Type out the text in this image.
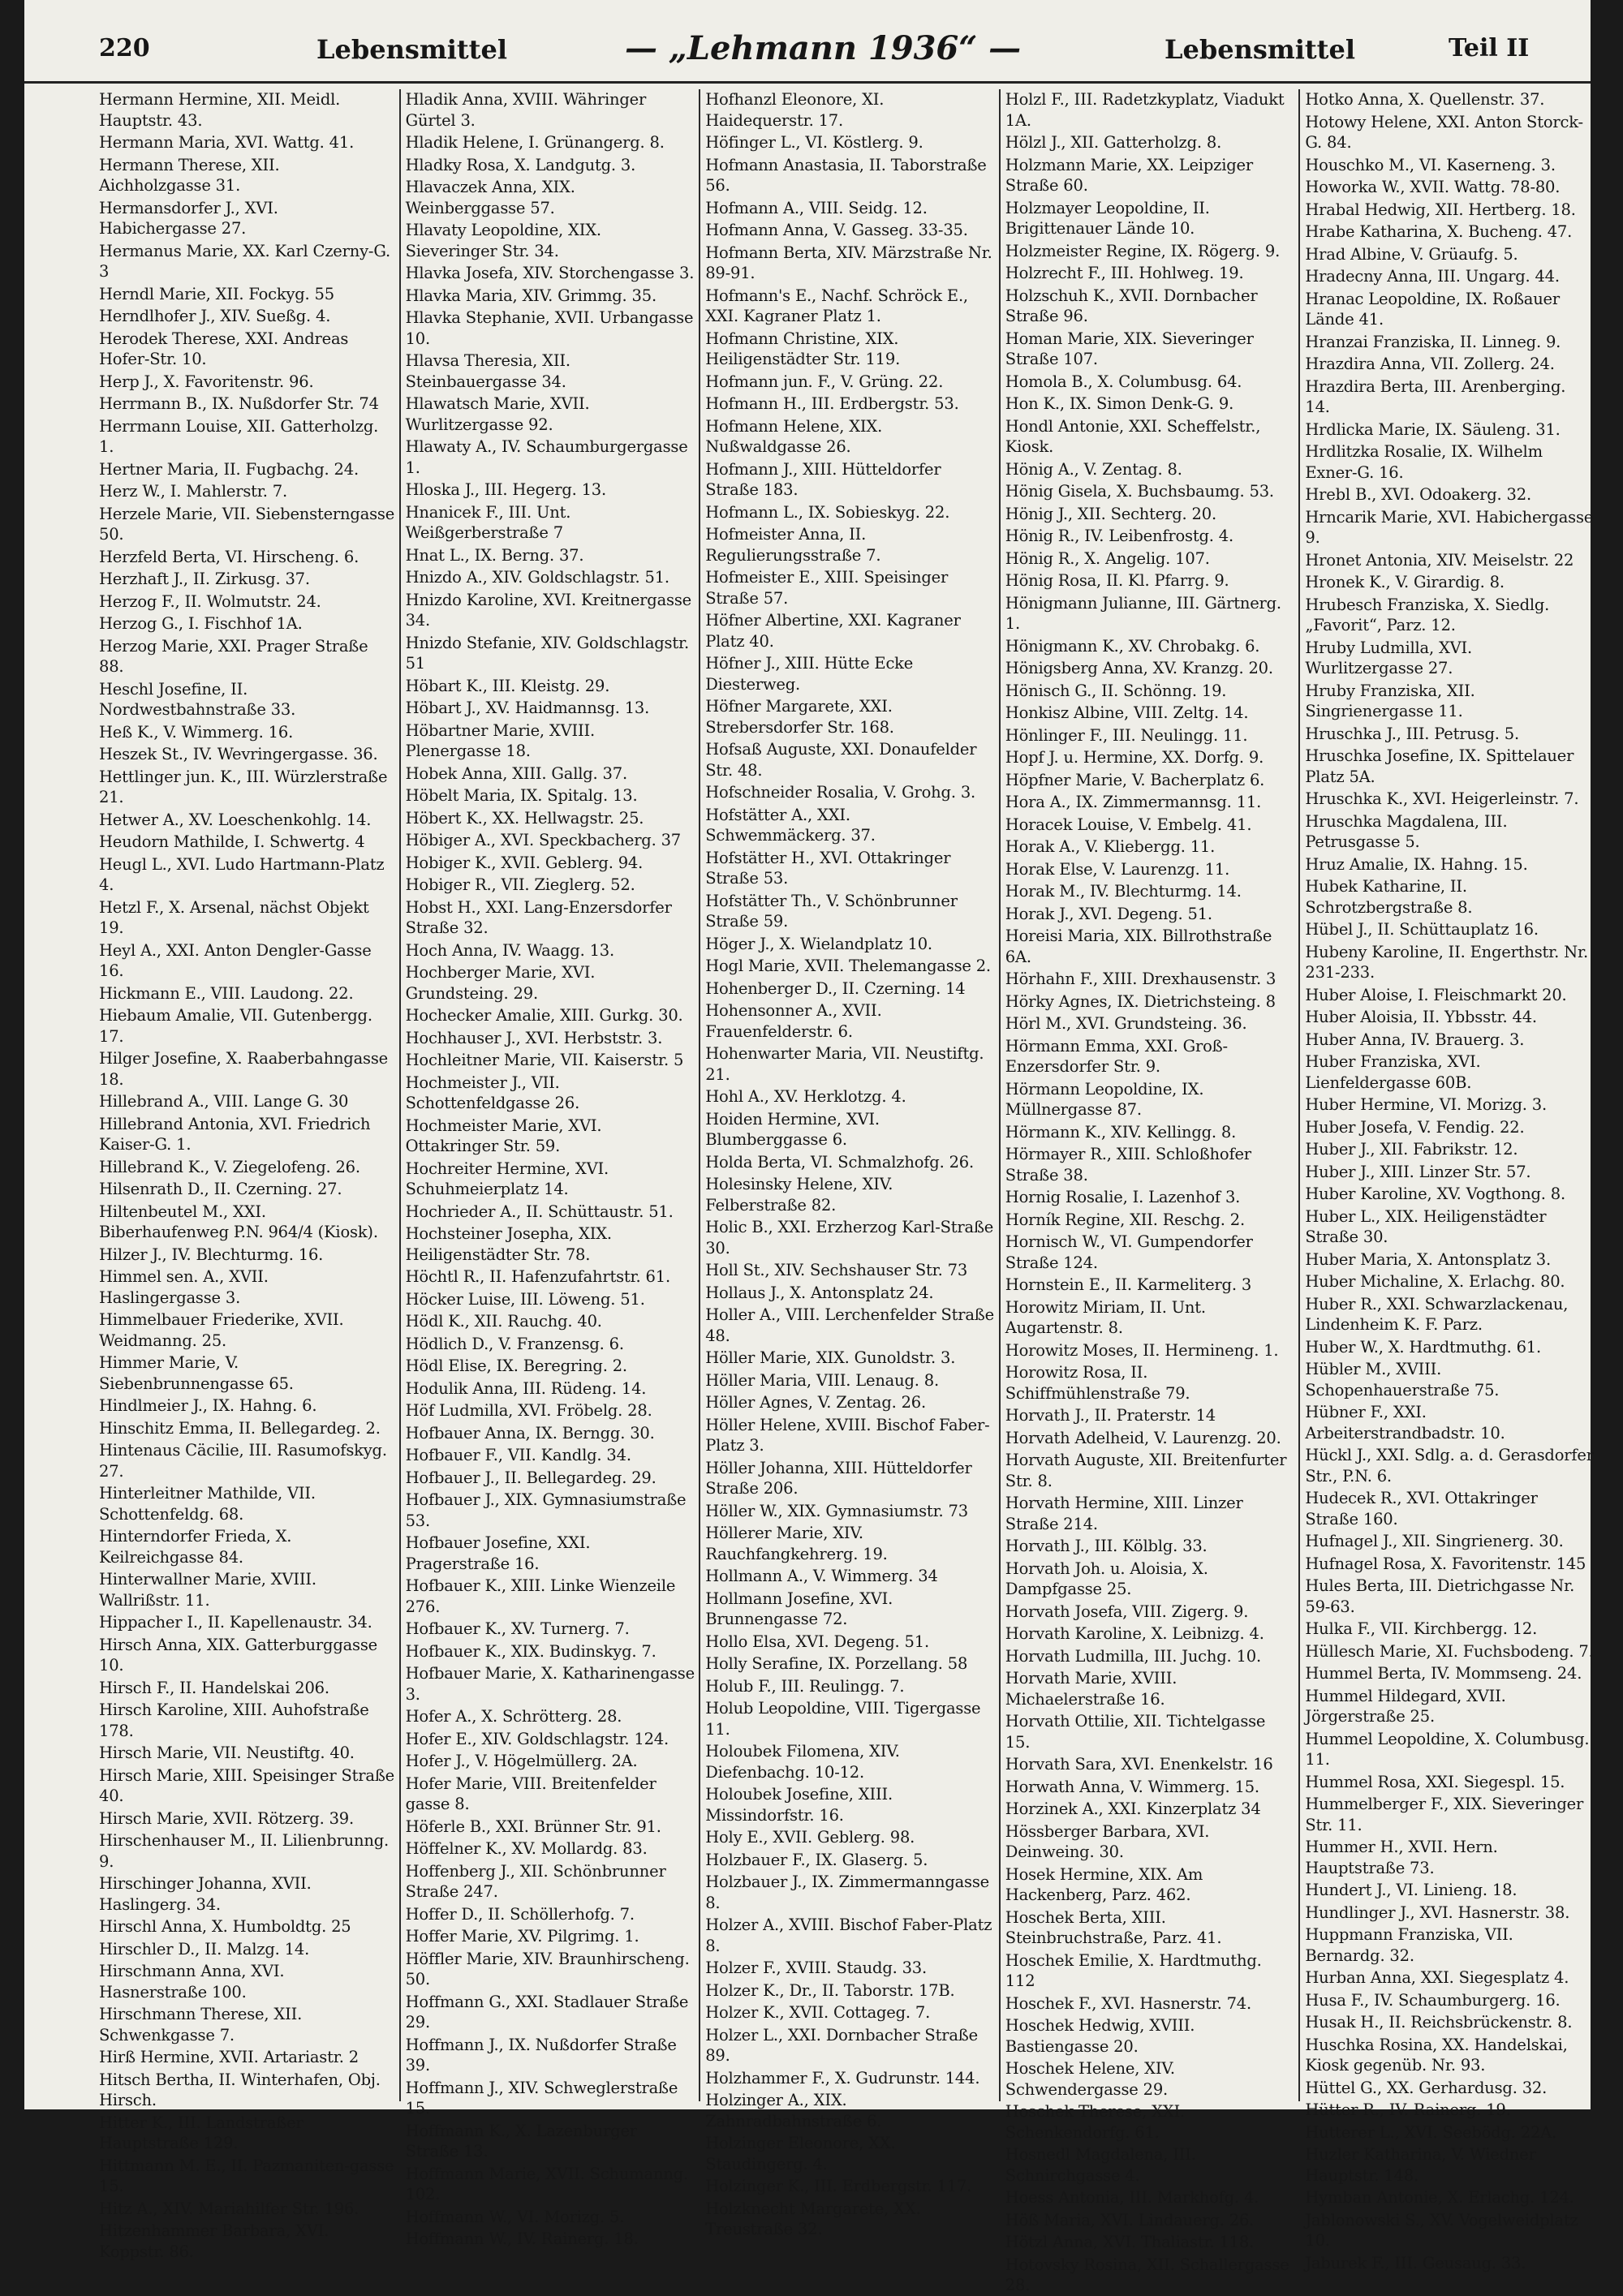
220	Lebensmittel	— „Lehmann 1936“ —	Lebensmittel	Teil II
Hermann Hermine, XII. Meidl. Hauptstr. 43.
Hermann Maria, XVI. Wattg. 41.
Hermann Therese, XII. Aichholzgasse 31.
Hermansdorfer J., XVI. Habichergasse 27.
Hermanus Marie, XX. Karl Czerny-G. 3
Herndl Marie, XII. Fockyg. 55
Herndlhofer J., XIV. Sueßg. 4.
Herodek Therese, XXI. Andreas Hofer-Str. 10.
Herp J., X. Favoritenstr. 96.
Herrmann B., IX. Nußdorfer Str. 74
Herrmann Louise, XII. Gatterholzg. 1.
Hertner Maria, II. Fugbachg. 24.
Herz W., I. Mahlerstr. 7.
Herzele Marie, VII. Siebensterngasse 50.
Herzfeld Berta, VI. Hirscheng. 6.
Herzhaft J., II. Zirkusg. 37.
Herzog F., II. Wolmutstr. 24.
Herzog G., I. Fischhof 1A.
Herzog Marie, XXI. Prager Straße 88.
Heschl Josefine, II. Nordwestbahnstraße 33.
Heß K., V. Wimmerg. 16.
Heszek St., IV. Wevringergasse. 36.
Hettlinger jun. K., III. Würzlerstraße 21.
Hetwer A., XV. Loeschenkohlg. 14.
Heudorn Mathilde, I. Schwertg. 4
Heugl L., XVI. Ludo Hartmann-Platz 4.
Hetzl F., X. Arsenal, nächst Objekt 19.
Heyl A., XXI. Anton Dengler-Gasse 16.
Hickmann E., VIII. Laudong. 22.
Hiebaum Amalie, VII. Gutenbergg. 17.
Hilger Josefine, X. Raaberbahngasse 18.
Hillebrand A., VIII. Lange G. 30
Hillebrand Antonia, XVI. Friedrich Kaiser-G. 1.
Hillebrand K., V. Ziegelofeng. 26.
Hilsenrath D., II. Czerning. 27.
Hiltenbeutel M., XXI. Biberhaufenweg P.N. 964/4 (Kiosk).
Hilzer J., IV. Blechturmg. 16.
Himmel sen. A., XVII. Haslingergasse 3.
Himmelbauer Friederike, XVII. Weidmanng. 25.
Himmer Marie, V. Siebenbrunnengasse 65.
Hindlmeier J., IX. Hahng. 6.
Hinschitz Emma, II. Bellegardeg. 2.
Hintenaus Cäcilie, III. Rasumofskyg. 27.
Hinterleitner Mathilde, VII. Schottenfeldg. 68.
Hinterndorfer Frieda, X. Keilreichgasse 84.
Hinterwallner Marie, XVIII. Wallrißstr. 11.
Hippacher I., II. Kapellenaustr. 34.
Hirsch Anna, XIX. Gatterburggasse 10.
Hirsch F., II. Handelskai 206.
Hirsch Karoline, XIII. Auhofstraße 178.
Hirsch Marie, VII. Neustiftg. 40.
Hirsch Marie, XIII. Speisinger Straße 40.
Hirsch Marie, XVII. Rötzerg. 39.
Hirschenhauser M., II. Lilienbrunng. 9.
Hirschinger Johanna, XVII. Haslingerg. 34.
Hirschl Anna, X. Humboldtg. 25
Hirschler D., II. Malzg. 14.
Hirschmann Anna, XVI. Hasnerstraße 100.
Hirschmann Therese, XII. Schwenkgasse 7.
Hirß Hermine, XVII. Artariastr. 2
Hitsch Bertha, II. Winterhafen, Obj. Hirsch.
Hitter K., III. Landstraßer Hauptstraße 129.
Hittmann M. E., II. Pazmaniten-gasse 15.
Hitz A., XIV. Mariahilfer Str. 196.
Hitzenhammer Barbara, XVI. Koppstr. 86.
Hladik Anna, XVIII. Währinger Gürtel 3.
Hladik Helene, I. Grünangerg. 8.
Hladky Rosa, X. Landgutg. 3.
Hlavaczek Anna, XIX. Weinberggasse 57.
Hlavaty Leopoldine, XIX. Sieveringer Str. 34.
Hlavka Josefa, XIV. Storchengasse 3.
Hlavka Maria, XIV. Grimmg. 35.
Hlavka Stephanie, XVII. Urbangasse 10.
Hlavsa Theresia, XII. Steinbauergasse 34.
Hlawatsch Marie, XVII. Wurlitzergasse 92.
Hlawaty A., IV. Schaumburgergasse 1.
Hloska J., III. Hegerg. 13.
Hnanicek F., III. Unt. Weißgerberstraße 7
Hnat L., IX. Berng. 37.
Hnizdo A., XIV. Goldschlagstr. 51.
Hnizdo Karoline, XVI. Kreitnergasse 34.
Hnizdo Stefanie, XIV. Goldschlagstr. 51
Höbart K., III. Kleistg. 29.
Höbart J., XV. Haidmannsg. 13.
Höbartner Marie, XVIII. Plenergasse 18.
Hobek Anna, XIII. Gallg. 37.
Höbelt Maria, IX. Spitalg. 13.
Höbert K., XX. Hellwagstr. 25.
Höbiger A., XVI. Speckbacherg. 37
Hobiger K., XVII. Geblerg. 94.
Hobiger R., VII. Zieglerg. 52.
Hobst H., XXI. Lang-Enzersdorfer Straße 32.
Hoch Anna, IV. Waagg. 13.
Hochberger Marie, XVI. Grundsteing. 29.
Hochecker Amalie, XIII. Gurkg. 30.
Hochhauser J., XVI. Herbststr. 3.
Hochleitner Marie, VII. Kaiserstr. 5
Hochmeister J., VII. Schottenfeldgasse 26.
Hochmeister Marie, XVI. Ottakringer Str. 59.
Hochreiter Hermine, XVI. Schuhmeierplatz 14.
Hochrieder A., II. Schüttaustr. 51.
Hochsteiner Josepha, XIX. Heiligenstädter Str. 78.
Höchtl R., II. Hafenzufahrtstr. 61.
Höcker Luise, III. Löweng. 51.
Hödl K., XII. Rauchg. 40.
Hödlich D., V. Franzensg. 6.
Hödl Elise, IX. Beregring. 2.
Hodulik Anna, III. Rüdeng. 14.
Höf Ludmilla, XVI. Fröbelg. 28.
Hofbauer Anna, IX. Berngg. 30.
Hofbauer F., VII. Kandlg. 34.
Hofbauer J., II. Bellegardeg. 29.
Hofbauer J., XIX. Gymnasiumstraße 53.
Hofbauer Josefine, XXI. Pragerstraße 16.
Hofbauer K., XIII. Linke Wienzeile 276.
Hofbauer K., XV. Turnerg. 7.
Hofbauer K., XIX. Budinskyg. 7.
Hofbauer Marie, X. Katharinengasse 3.
Hofer A., X. Schrötterg. 28.
Hofer E., XIV. Goldschlagstr. 124.
Hofer J., V. Högelmüllerg. 2A.
Hofer Marie, VIII. Breitenfelder gasse 8.
Höferle B., XXI. Brünner Str. 91.
Höffelner K., XV. Mollardg. 83.
Hoffenberg J., XII. Schönbrunner Straße 247.
Hoffer D., II. Schöllerhofg. 7.
Hoffer Marie, XV. Pilgrimg. 1.
Höffler Marie, XIV. Braunhirscheng. 50.
Hoffmann G., XXI. Stadlauer Straße 29.
Hoffmann J., IX. Nußdorfer Straße 39.
Hoffmann J., XIV. Schweglerstraße 15.
Hoffmann K., X. Lazenburger Straße 13.
Hoffmann Marie, XVII. Schumanng. 102.
Hoffmann W., VI. Morizg. 5.
Hoffmann W., IV. Rainerg. 18.
Hofhanzl Eleonore, XI. Haidequerstr. 17.
Höfinger L., VI. Köstlerg. 9.
Hofmann Anastasia, II. Taborstraße 56.
Hofmann A., VIII. Seidg. 12.
Hofmann Anna, V. Gasseg. 33-35.
Hofmann Berta, XIV. Märzstraße Nr. 89-91.
Hofmann's E., Nachf. Schröck E., XXI. Kagraner Platz 1.
Hofmann Christine, XIX. Heiligenstädter Str. 119.
Hofmann jun. F., V. Grüng. 22.
Hofmann H., III. Erdbergstr. 53.
Hofmann Helene, XIX. Nußwaldgasse 26.
Hofmann J., XIII. Hütteldorfer Straße 183.
Hofmann L., IX. Sobieskyg. 22.
Hofmeister Anna, II. Regulierungsstraße 7.
Hofmeister E., XIII. Speisinger Straße 57.
Höfner Albertine, XXI. Kagraner Platz 40.
Höfner J., XIII. Hütte Ecke Diesterweg.
Höfner Margarete, XXI. Strebersdorfer Str. 168.
Hofsaß Auguste, XXI. Donaufelder Str. 48.
Hofschneider Rosalia, V. Grohg. 3.
Hofstätter A., XXI. Schwemmäckerg. 37.
Hofstätter H., XVI. Ottakringer Straße 53.
Hofstätter Th., V. Schönbrunner Straße 59.
Höger J., X. Wielandplatz 10.
Hogl Marie, XVII. Thelemangasse 2.
Hohenberger D., II. Czerning. 14
Hohensonner A., XVII. Frauenfelderstr. 6.
Hohenwarter Maria, VII. Neustiftg. 21.
Hohl A., XV. Herklotzg. 4.
Hoiden Hermine, XVI. Blumberggasse 6.
Holda Berta, VI. Schmalzhofg. 26.
Holesinsky Helene, XIV. Felberstraße 82.
Holic B., XXI. Erzherzog Karl-Straße 30.
Holl St., XIV. Sechshauser Str. 73
Hollaus J., X. Antonsplatz 24.
Holler A., VIII. Lerchenfelder Straße 48.
Höller Marie, XIX. Gunoldstr. 3.
Höller Maria, VIII. Lenaug. 8.
Höller Agnes, V. Zentag. 26.
Höller Helene, XVIII. Bischof Faber-Platz 3.
Höller Johanna, XIII. Hütteldorfer Straße 206.
Höller W., XIX. Gymnasiumstr. 73
Höllerer Marie, XIV. Rauchfangkehrerg. 19.
Hollmann A., V. Wimmerg. 34
Hollmann Josefine, XVI. Brunnengasse 72.
Hollo Elsa, XVI. Degeng. 51.
Holly Serafine, IX. Porzellang. 58
Holub F., III. Reulingg. 7.
Holub Leopoldine, VIII. Tigergasse 11.
Holoubek Filomena, XIV. Diefenbachg. 10-12.
Holoubek Josefine, XIII. Missindorfstr. 16.
Holy E., XVII. Geblerg. 98.
Holzbauer F., IX. Glaserg. 5.
Holzbauer J., IX. Zimmermanngasse 8.
Holzer A., XVIII. Bischof Faber-Platz 8.
Holzer F., XVIII. Staudg. 33.
Holzer K., Dr., II. Taborstr. 17B.
Holzer K., XVII. Cottageg. 7.
Holzer L., XXI. Dornbacher Straße 89.
Holzhammer F., X. Gudrunstr. 144.
Holzinger A., XIX. Zahnradbahnstraße 6.
Holzinger Eleonore, XX. Staudingerg. 4.
Holzinger K., III. Erdbergstr. 117.
Holzknecht Margarete, XX. Treustraße 32.
Holzl F., III. Radetzkyplatz, Viadukt 1A.
Hölzl J., XII. Gatterholzg. 8.
Holzmann Marie, XX. Leipziger Straße 60.
Holzmayer Leopoldine, II. Brigittenauer Lände 10.
Holzmeister Regine, IX. Rögerg. 9.
Holzrecht F., III. Hohlweg. 19.
Holzschuh K., XVII. Dornbacher Straße 96.
Homan Marie, XIX. Sieveringer Straße 107.
Homola B., X. Columbusg. 64.
Hon K., IX. Simon Denk-G. 9.
Hondl Antonie, XXI. Scheffelstr., Kiosk.
Hönig A., V. Zentag. 8.
Hönig Gisela, X. Buchsbaumg. 53.
Hönig J., XII. Sechterg. 20.
Hönig R., IV. Leibenfrostg. 4.
Hönig R., X. Angelig. 107.
Hönig Rosa, II. Kl. Pfarrg. 9.
Hönigmann Julianne, III. Gärtnerg. 1.
Hönigmann K., XV. Chrobakg. 6.
Hönigsberg Anna, XV. Kranzg. 20.
Hönisch G., II. Schönng. 19.
Honkisz Albine, VIII. Zeltg. 14.
Hönlinger F., III. Neulingg. 11.
Hopf J. u. Hermine, XX. Dorfg. 9.
Höpfner Marie, V. Bacherplatz 6.
Hora A., IX. Zimmermannsg. 11.
Horacek Louise, V. Embelg. 41.
Horak A., V. Kliebergg. 11.
Horak Else, V. Laurenzg. 11.
Horak M., IV. Blechturmg. 14.
Horak J., XVI. Degeng. 51.
Horeisi Maria, XIX. Billrothstraße 6A.
Hörhahn F., XIII. Drexhausenstr. 3
Hörky Agnes, IX. Dietrichsteing. 8
Hörl M., XVI. Grundsteing. 36.
Hörmann Emma, XXI. Groß-Enzersdorfer Str. 9.
Hörmann Leopoldine, IX. Müllnergasse 87.
Hörmann K., XIV. Kellingg. 8.
Hörmayer R., XIII. Schloßhofer Straße 38.
Hornig Rosalie, I. Lazenhof 3.
Horník Regine, XII. Reschg. 2.
Hornisch W., VI. Gumpendorfer Straße 124.
Hornstein E., II. Karmeliterg. 3
Horowitz Miriam, II. Unt. Augartenstr. 8.
Horowitz Moses, II. Hermineng. 1.
Horowitz Rosa, II. Schiffmühlenstraße 79.
Horvath J., II. Praterstr. 14
Horvath Adelheid, V. Laurenzg. 20.
Horvath Auguste, XII. Breitenfurter Str. 8.
Horvath Hermine, XIII. Linzer Straße 214.
Horvath J., III. Kölblg. 33.
Horvath Joh. u. Aloisia, X. Dampfgasse 25.
Horvath Josefa, VIII. Zigerg. 9.
Horvath Karoline, X. Leibnizg. 4.
Horvath Ludmilla, III. Juchg. 10.
Horvath Marie, XVIII. Michaelerstraße 16.
Horvath Ottilie, XII. Tichtelgasse 15.
Horvath Sara, XVI. Enenkelstr. 16
Horwath Anna, V. Wimmerg. 15.
Horzinek A., XXI. Kinzerplatz 34
Hössberger Barbara, XVI. Deinweing. 30.
Hosek Hermine, XIX. Am Hackenberg, Parz. 462.
Hoschek Berta, XIII. Steinbruchstraße, Parz. 41.
Hoschek Emilie, X. Hardtmuthg. 112
Hoschek F., XVI. Hasnerstr. 74.
Hoschek Hedwig, XVIII. Bastiengasse 20.
Hoschek Helene, XIV. Schwendergasse 29.
Hoschek Therese, XXI. Schenkendorfg. 61.
Hosnedl Magdalena, III. Schnirchgasse 4.
Hoess Antonia, III. Markhofg. 4.
Höß Maria, XVI. Lindauerg. 26.
Hötzl Anna, XVI. Thaliastr. 118.
Hotovsky Rosina, XII. Schallergasse 28.
Hotko Anna, X. Quellenstr. 37.
Hotowy Helene, XXI. Anton Storck-G. 84.
Houschko M., VI. Kaserneng. 3.
Howorka W., XVII. Wattg. 78-80.
Hrabal Hedwig, XII. Hertberg. 18.
Hrabe Katharina, X. Bucheng. 47.
Hrad Albine, V. Grüaufg. 5.
Hradecny Anna, III. Ungarg. 44.
Hranac Leopoldine, IX. Roßauer Lände 41.
Hranzai Franziska, II. Linneg. 9.
Hrazdira Anna, VII. Zollerg. 24.
Hrazdira Berta, III. Arenberging. 14.
Hrdlicka Marie, IX. Säuleng. 31.
Hrdlitzka Rosalie, IX. Wilhelm Exner-G. 16.
Hrebl B., XVI. Odoakerg. 32.
Hrncarik Marie, XVI. Habichergasse 9.
Hronet Antonia, XIV. Meiselstr. 22
Hronek K., V. Girardig. 8.
Hrubesch Franziska, X. Siedlg. „Favorit“, Parz. 12.
Hruby Ludmilla, XVI. Wurlitzergasse 27.
Hruby Franziska, XII. Singrienergasse 11.
Hruschka J., III. Petrusg. 5.
Hruschka Josefine, IX. Spittelauer Platz 5A.
Hruschka K., XVI. Heigerleinstr. 7.
Hruschka Magdalena, III. Petrusgasse 5.
Hruz Amalie, IX. Hahng. 15.
Hubek Katharine, II. Schrotzbergstraße 8.
Hübel J., II. Schüttauplatz 16.
Hubeny Karoline, II. Engerthstr. Nr. 231-233.
Huber Aloise, I. Fleischmarkt 20.
Huber Aloisia, II. Ybbsstr. 44.
Huber Anna, IV. Brauerg. 3.
Huber Franziska, XVI. Lienfeldergasse 60B.
Huber Hermine, VI. Morizg. 3.
Huber Josefa, V. Fendig. 22.
Huber J., XII. Fabrikstr. 12.
Huber J., XIII. Linzer Str. 57.
Huber Karoline, XV. Vogthong. 8.
Huber L., XIX. Heiligenstädter Straße 30.
Huber Maria, X. Antonsplatz 3.
Huber Michaline, X. Erlachg. 80.
Huber R., XXI. Schwarzlackenau, Lindenheim K. F. Parz.
Huber W., X. Hardtmuthg. 61.
Hübler M., XVIII. Schopenhauerstraße 75.
Hübner F., XXI. Arbeiterstrandbadstr. 10.
Hückl J., XXI. Sdlg. a. d. Gerasdorfer Str., P.N. 6.
Hudecek R., XVI. Ottakringer Straße 160.
Hufnagel J., XII. Singrienerg. 30.
Hufnagel Rosa, X. Favoritenstr. 145
Hules Berta, III. Dietrichgasse Nr. 59-63.
Hulka F., VII. Kirchbergg. 12.
Hüllesch Marie, XI. Fuchsbodeng. 7.
Hummel Berta, IV. Mommseng. 24.
Hummel Hildegard, XVII. Jörgerstraße 25.
Hummel Leopoldine, X. Columbusg. 11.
Hummel Rosa, XXI. Siegespl. 15.
Hummelberger F., XIX. Sieveringer Str. 11.
Hummer H., XVII. Hern. Hauptstraße 73.
Hundert J., VI. Linieng. 18.
Hundlinger J., XVI. Hasnerstr. 38.
Huppmann Franziska, VII. Bernardg. 32.
Hurban Anna, XXI. Siegesplatz 4.
Husa F., IV. Schaumburgerg. 16.
Husak H., II. Reichsbrückenstr. 8.
Huschka Rosina, XX. Handelskai, Kiosk gegenüb. Nr. 93.
Hüttel G., XX. Gerhardusg. 32.
Hütter R., IV. Rainerg. 19.
Hutterer L., XVI. Seebödg. 22A.
Huzler Katharina, V. Wiedner Hauptstr. 148.
Hymban Antonie, X. Erlachg. 124.
Jablonowski S., XV. Vogelweidplatz 10.
Jaburek F., III. Geusaug. 33.
